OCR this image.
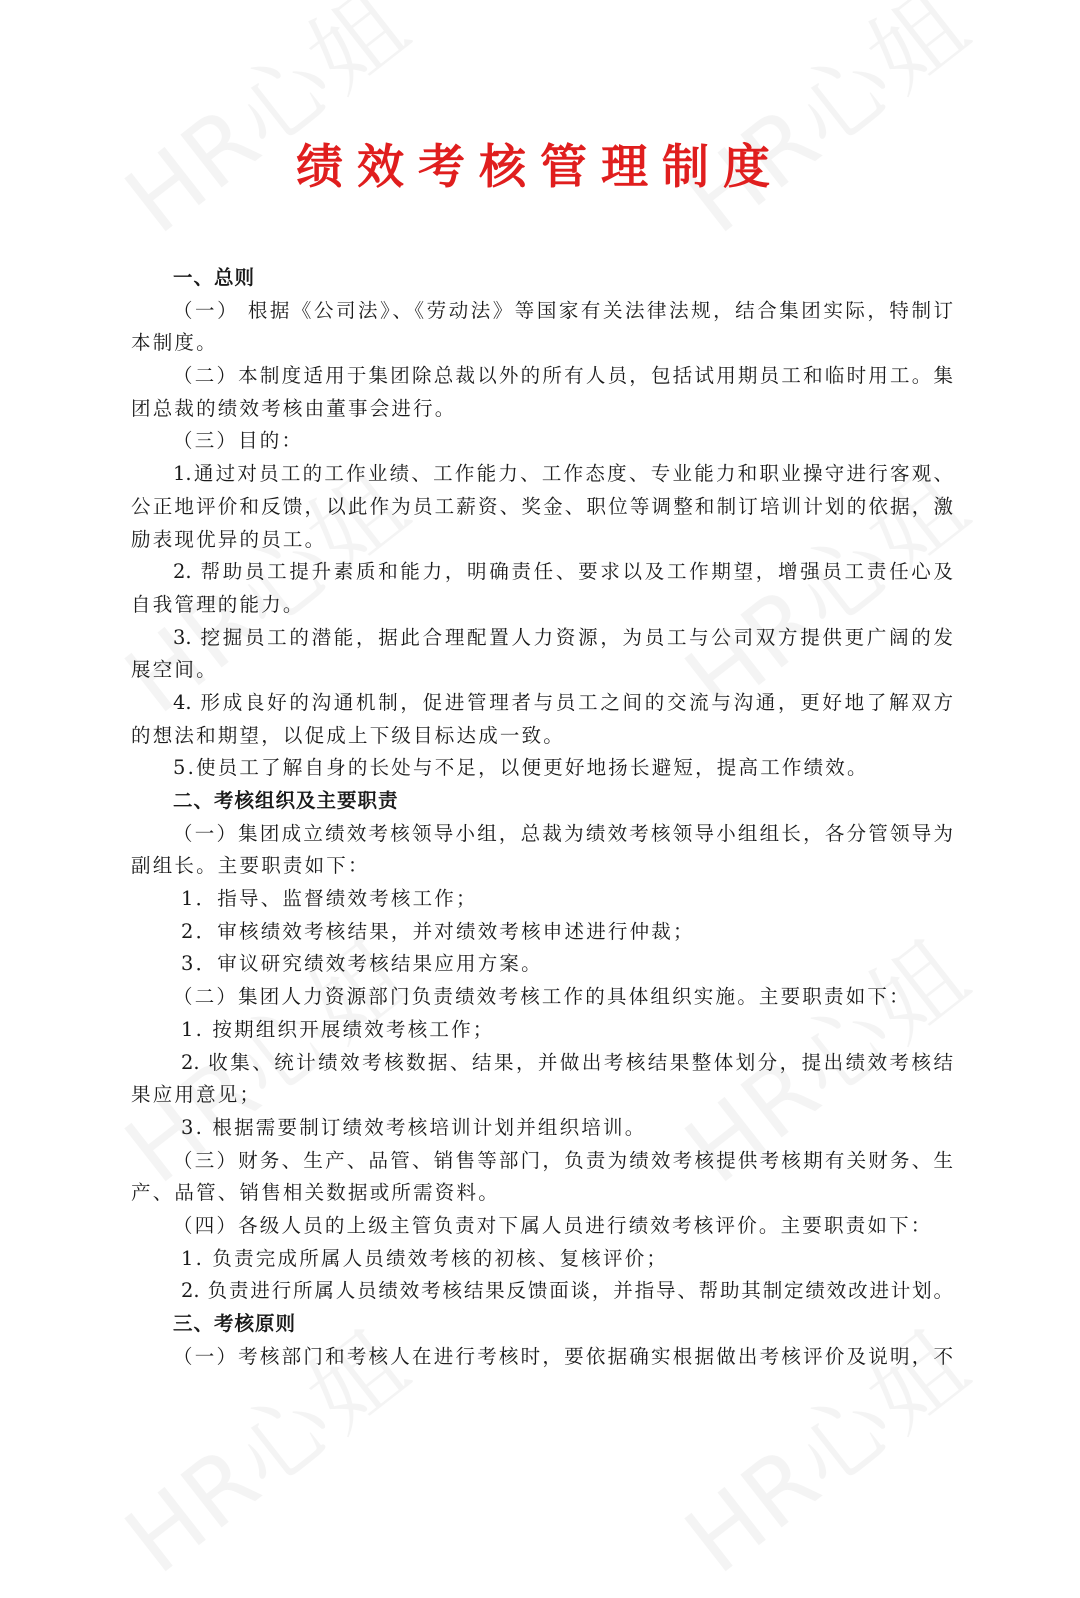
绩效考核管理制度
一、总则
（一） 根据《公司法》、《劳动法》等国家有关法律法规，结合集团实际，特制订
本制度。
（二）本制度适用于集团除总裁以外的所有人员，包括试用期员工和临时用工。集
团总裁的绩效考核由董事会进行。
（三）目的：
1.通过对员工的工作业绩、工作能力、工作态度、专业能力和职业操守进行客观、
公正地评价和反馈，以此作为员工薪资、奖金、职位等调整和制订培训计划的依据，激
励表现优异的员工。
2. 帮助员工提升素质和能力，明确责任、要求以及工作期望，增强员工责任心及
自我管理的能力。
3. 挖掘员工的潜能，据此合理配置人力资源，为员工与公司双方提供更广阔的发
展空间。
4. 形成良好的沟通机制，促进管理者与员工之间的交流与沟通，更好地了解双方
的想法和期望，以促成上下级目标达成一致。
5.使员工了解自身的长处与不足，以便更好地扬长避短，提高工作绩效。
二、考核组织及主要职责
（一）集团成立绩效考核领导小组，总裁为绩效考核领导小组组长，各分管领导为
副组长。主要职责如下：
1．指导、监督绩效考核工作；
2．审核绩效考核结果，并对绩效考核申述进行仲裁；
3．审议研究绩效考核结果应用方案。
（二）集团人力资源部门负责绩效考核工作的具体组织实施。主要职责如下：
1. 按期组织开展绩效考核工作；
2. 收集、统计绩效考核数据、结果，并做出考核结果整体划分，提出绩效考核结
果应用意见；
3. 根据需要制订绩效考核培训计划并组织培训。
（三）财务、生产、品管、销售等部门，负责为绩效考核提供考核期有关财务、生
产、品管、销售相关数据或所需资料。
（四）各级人员的上级主管负责对下属人员进行绩效考核评价。主要职责如下：
1. 负责完成所属人员绩效考核的初核、复核评价；
2. 负责进行所属人员绩效考核结果反馈面谈，并指导、帮助其制定绩效改进计划。
三、考核原则
（一）考核部门和考核人在进行考核时，要依据确实根据做出考核评价及说明，不
